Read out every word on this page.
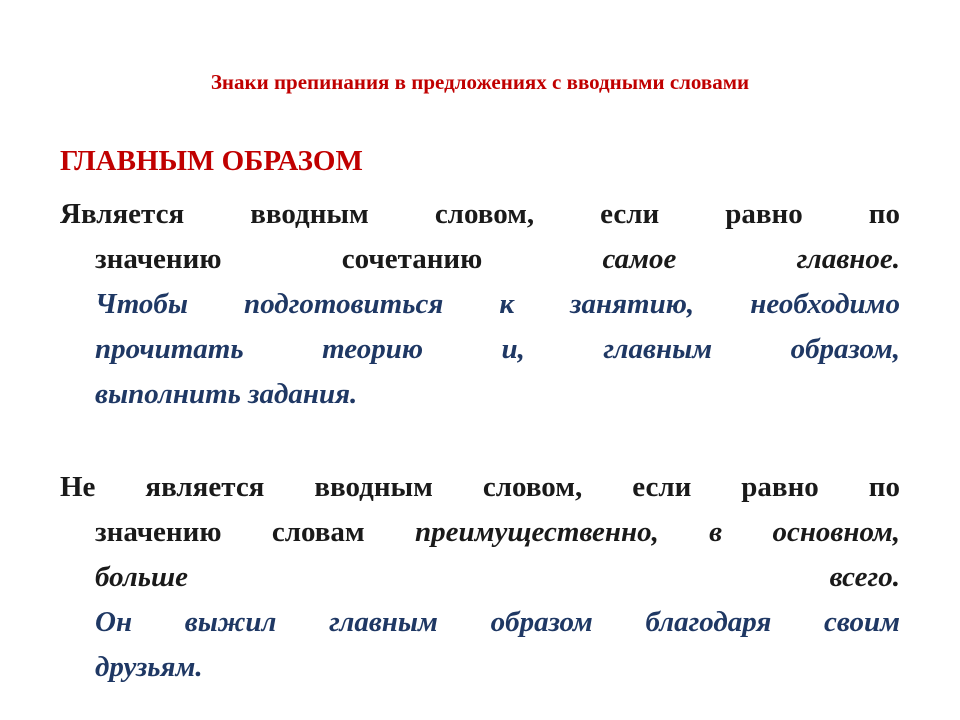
Знаки препинания в предложениях с вводными словами
ГЛАВНЫМ ОБРАЗОМ

Является вводным словом, если равно по

значению сочетанию	самое главное.

Чтобы подготовиться к занятию, необходимо

прочитать теорию и, главным образом,

выполнить задания.

Не является вводным словом, если равно по

значению словам преимущественно, в основном,

больше всего.

Он выжил главным образом благодаря своим

друзьям.
